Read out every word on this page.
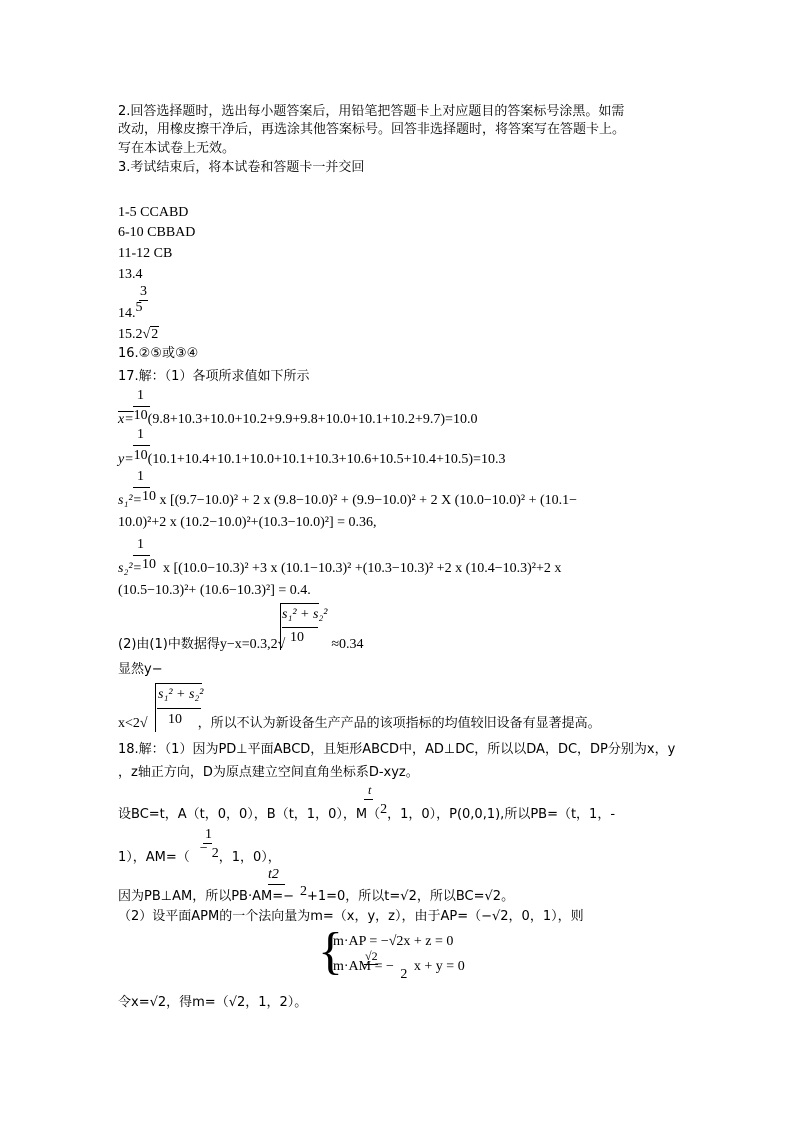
2.回答选择题时，选出每小题答案后，用铅笔把答题卡上对应题目的答案标号涂黑。如需
改动，用橡皮擦干净后，再选涂其他答案标号。回答非选择题时，将答案写在答题卡上。
写在本试卷上无效。
3.考试结束后，将本试卷和答题卡一并交回
1-5 CCABD
6-10 CBBAD
11-12 CB
13.4
3
14.5
15.2√2
16.②⑤或③④
17.解：（1）各项所求值如下所示
1
x=10(9.8+10.3+10.0+10.2+9.9+9.8+10.0+10.1+10.2+9.7)=10.0
1
y=10(10.1+10.4+10.1+10.0+10.1+10.3+10.6+10.5+10.4+10.5)=10.3
1
s₁²=10 x [(9.7−10.0)² + 2 x (9.8−10.0)² + (9.9−10.0)² + 2 X (10.0−10.0)² + (10.1−
10.0)²+2 x (10.2−10.0)²+(10.3−10.0)²] = 0.36,
1
s₂²=10 x [(10.0−10.3)² +3 x (10.1−10.3)² +(10.3−10.3)² +2 x (10.4−10.3)²+2 x
(10.5−10.3)²+ (10.6−10.3)²] = 0.4.
s₁² + s₂²
10
(2)由(1)中数据得y−x=0.3,2√	≈0.34
显然y−
s₁² + s₂²
10
x<2√	，所以不认为新设备生产产品的该项指标的均值较旧设备有显著提高。
18.解：（1）因为PD⊥平面ABCD，且矩形ABCD中，AD⊥DC，所以以DA，DC，DP分别为x，y
，z轴正方向，D为原点建立空间直角坐标系D-xyz。
t
设BC=t，A（t，0，0），B（t，1，0），M（2，1，0），P(0,0,1),所以PB=（t，1，-
1
1），AM=（− 2，1，0），
t2
因为PB⊥AM，所以PB·AM=− 2+1=0，所以t=√2，所以BC=√2。
（2）设平面APM的一个法向量为m=（x，y，z），由于AP=（−√2，0，1），则
{
m·AP = −√2x + z = 0
√2
m·AM = −2x + y = 0
令x=√2，得m=（√2，1，2）。
